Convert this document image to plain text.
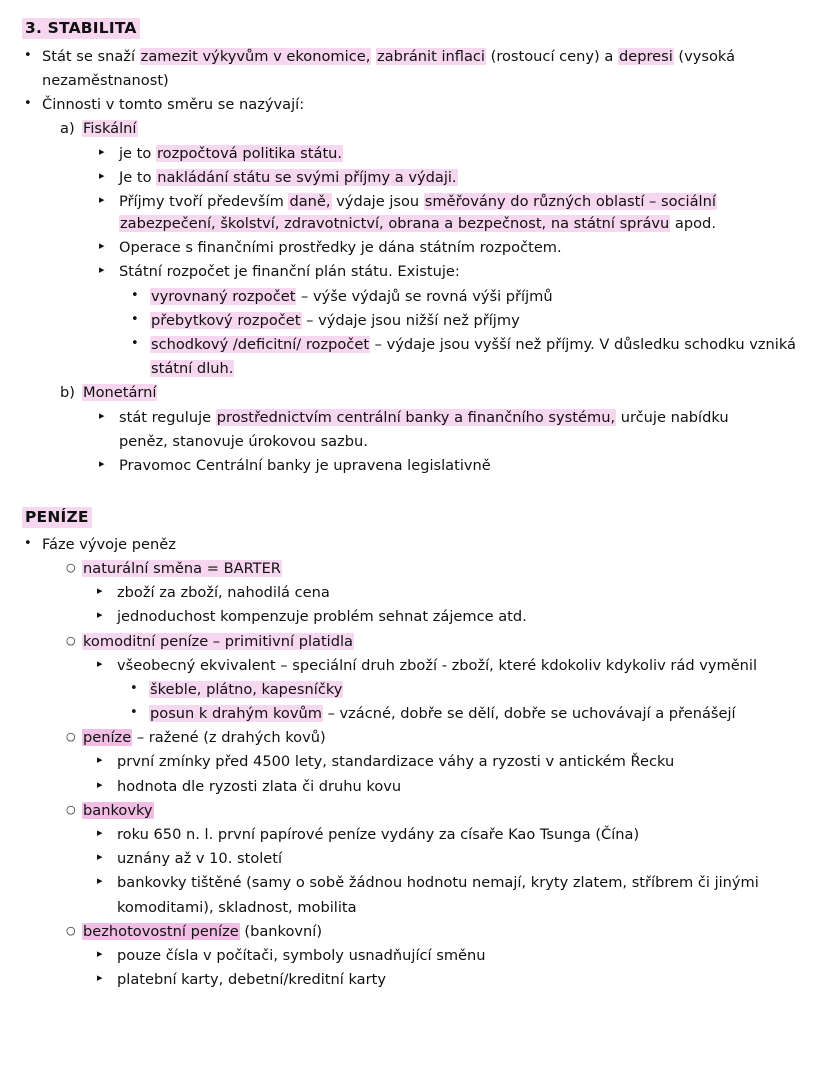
3. STABILITA
• Stát se snaží zamezit výkyvům v ekonomice, zabránit inflaci (rostoucí ceny) a depresi (vysoká
nezaměstnanost)
• Činnosti v tomto směru se nazývají:
a) Fiskální
▸ je to rozpočtová politika státu.
▸ Je to nakládání státu se svými příjmy a výdaji.
▸ Příjmy tvoří především daně, výdaje jsou směřovány do různých oblastí – sociální zabezpečení, školství, zdravotnictví, obrana a bezpečnost, na státní správu apod.
▸ Operace s finančními prostředky je dána státním rozpočtem.
▸ Státní rozpočet je finanční plán státu. Existuje:
• vyrovnaný rozpočet – výše výdajů se rovná výši příjmů
• přebytkový rozpočet – výdaje jsou nižší než příjmy
• schodkový /deficitní/ rozpočet – výdaje jsou vyšší než příjmy. V důsledku schodku vzniká
státní dluh.
b) Monetární
▸ stát reguluje prostřednictvím centrální banky a finančního systému, určuje nabídku
peněz, stanovuje úrokovou sazbu.
▸ Pravomoc Centrální banky je upravena legislativně
PENÍZE
• Fáze vývoje peněz
○ naturální směna = BARTER
▸ zboží za zboží, nahodilá cena
▸ jednoduchost kompenzuje problém sehnat zájemce atd.
○ komoditní peníze – primitivní platidla
▸ všeobecný ekvivalent – speciální druh zboží - zboží, které kdokoliv kdykoliv rád vyměnil
• škeble, plátno, kapesníčky
• posun k drahým kovům – vzácné, dobře se dělí, dobře se uchovávají a přenášejí
○ peníze – ražené (z drahých kovů)
▸ první zmínky před 4500 lety, standardizace váhy a ryzosti v antickém Řecku
▸ hodnota dle ryzosti zlata či druhu kovu
○ bankovky
▸ roku 650 n. l. první papírové peníze vydány za císaře Kao Tsunga (Čína)
▸ uznány až v 10. století
▸ bankovky tištěné (samy o sobě žádnou hodnotu nemají, kryty zlatem, stříbrem či jinými
komoditami), skladnost, mobilita
○ bezhotovostní peníze (bankovní)
▸ pouze čísla v počítači, symboly usnadňující směnu
▸ platební karty, debetní/kreditní karty
